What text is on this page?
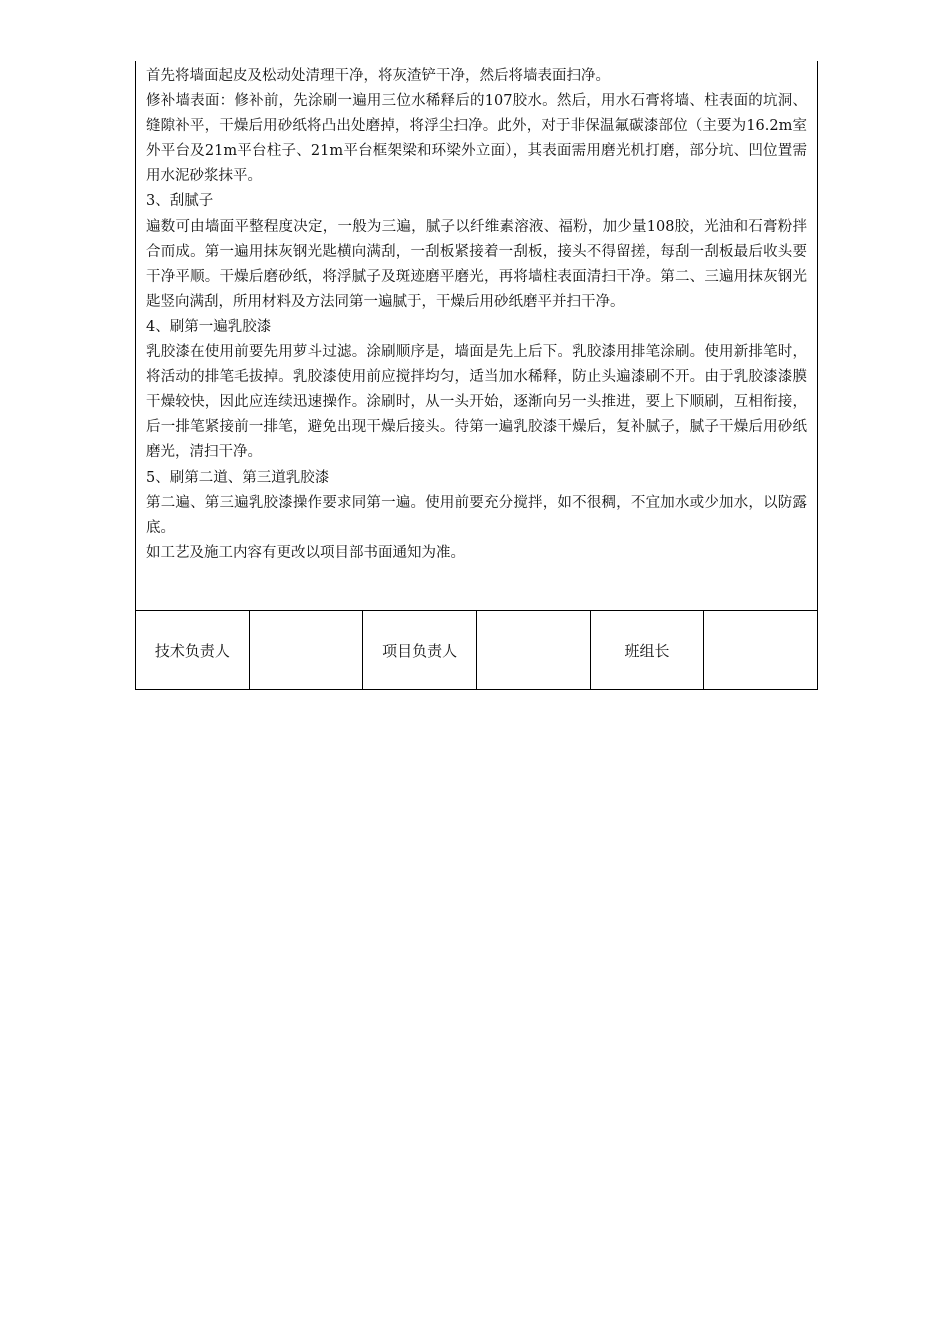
首先将墙面起皮及松动处清理干净，将灰渣铲干净，然后将墙表面扫净。

修补墙表面：修补前，先涂刷一遍用三位水稀释后的107胶水。然后，用水石膏将墙、柱表面的坑洞、缝隙补平，干燥后用砂纸将凸出处磨掉，将浮尘扫净。此外，对于非保温氟碳漆部位（主要为16.2m室外平台及21m平台柱子、21m平台框架梁和环梁外立面），其表面需用磨光机打磨，部分坑、凹位置需用水泥砂浆抹平。

3、刮腻子

遍数可由墙面平整程度决定，一般为三遍，腻子以纤维素溶液、福粉，加少量108胶，光油和石膏粉拌合而成。第一遍用抹灰钢光匙横向满刮，一刮板紧接着一刮板，接头不得留搓，每刮一刮板最后收头要干净平顺。干燥后磨砂纸，将浮腻子及斑迹磨平磨光，再将墙柱表面清扫干净。第二、三遍用抹灰钢光匙竖向满刮，所用材料及方法同第一遍腻于，干燥后用砂纸磨平并扫干净。

4、刷第一遍乳胶漆

乳胶漆在使用前要先用萝斗过滤。涂刷顺序是，墙面是先上后下。乳胶漆用排笔涂刷。使用新排笔时，将活动的排笔毛拔掉。乳胶漆使用前应搅拌均匀，适当加水稀释，防止头遍漆刷不开。由于乳胶漆漆膜干燥较快，因此应连续迅速操作。涂刷时，从一头开始，逐渐向另一头推进，要上下顺刷，互相衔接，后一排笔紧接前一排笔，避免出现干燥后接头。待第一遍乳胶漆干燥后，复补腻子，腻子干燥后用砂纸磨光，清扫干净。

5、刷第二道、第三道乳胶漆

第二遍、第三遍乳胶漆操作要求同第一遍。使用前要充分搅拌，如不很稠，不宜加水或少加水，以防露底。

如工艺及施工内容有更改以项目部书面通知为准。

技术负责人	项目负责人	班组长
